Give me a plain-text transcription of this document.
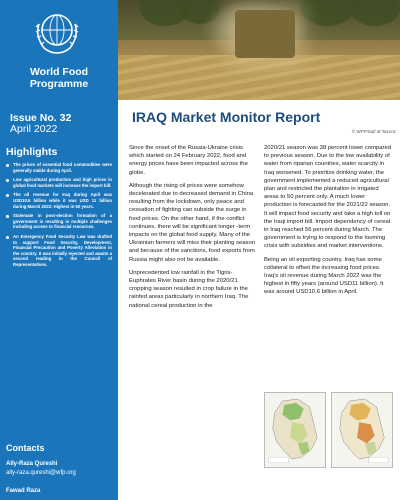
World Food
Programme
Issue No. 32
April 2022
Highlights
The prices of essential food commodities were generally stable during April.
Low agricultural production and high prices in global food markets will increase the import bill.
The oil revenue for Iraq during April was USD10.5 billion while it was USD 11 billion during March 2022: Highest in 50 years.
Stalemate in post-election formation of a government is resulting in multiple challenges including access to financial resources.
An Emergency Food Security Law was drafted to support Food Security, Development, Financial Precaution and Poverty Alleviation in the country. It was initially rejected and awaits a second reading in the Council of Representatives.
Contacts
Ally-Raza Qureshi
ally-raza.qureshi@wfp.org
Fawad Raza
IRAQ Market Monitor Report
© WFP/Saif al-Tazooz

Since the onset of the Russia-Ukraine crisis which started on 24 February 2022, food and energy prices have been impacted across the globe.

Although the rising oil prices were somehow decelerated due to decreased demand in China resulting from the lockdown, only peace and cessation of fighting can subside the surge in food prices. On the other hand, if the conflict continues, there will be significant longer -term impacts on the global food supply. Many of the Ukrainian farmers will miss their planting season and because of the sanctions, food exports from Russia might also not be available.

Unprecedented low rainfall in the Tigris-Euphrates River basin during the 2020/21 cropping season resulted in crop failure in the rainfed areas particularly in northern Iraq. The national cereal production in the

2020/21 season was 38 percent lower compared to previous season. Due to the low availability of water from riparian countries, water scarcity in Iraq worsened. To prioritize drinking water, the government implemented a reduced agricultural plan and restricted the plantation in irrigated areas to 50 percent only. A much lower production is forecasted for the 2021/22 season. It will impact food security and take a high toll on the Iraqi import bill. Import dependency of cereal in Iraq reached 56 percent during March. The government is trying to respond to the looming crisis with subsidies and market interventions.

Being an oil exporting country, Iraq has some collateral to offset the increasing food prices. Iraq's oil revenue during March 2022 was the highest in fifty years (around USD11 billion). It was around USD10.6 billion in April.
